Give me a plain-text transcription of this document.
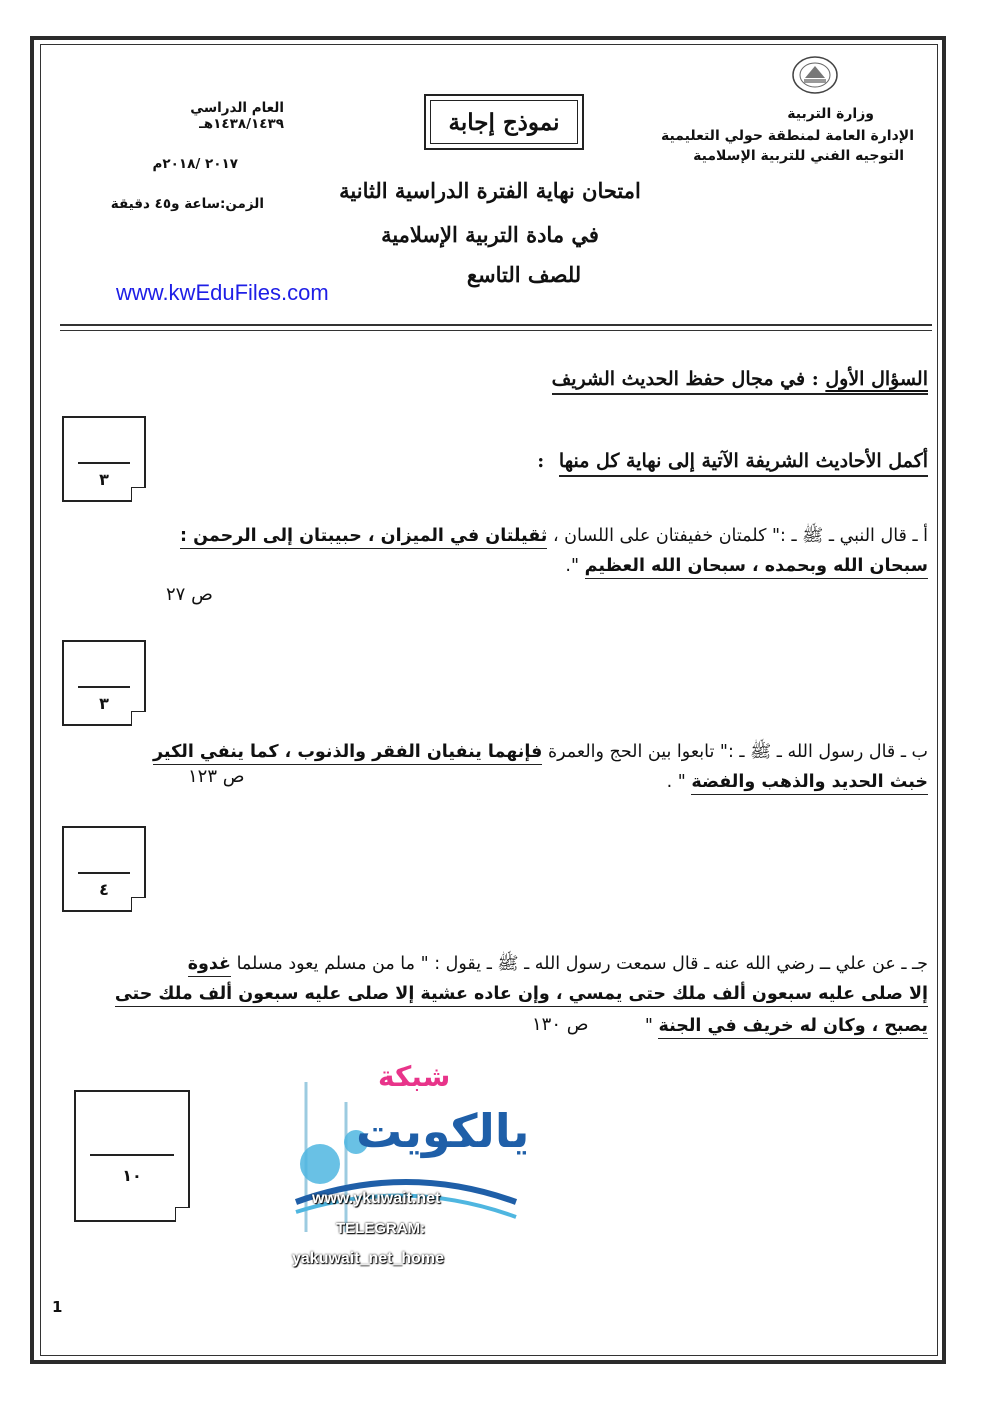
وزارة التربية
الإدارة العامة لمنطقة حولي التعليمية
التوجيه الفني للتربية الإسلامية
نموذج إجابة
امتحان نهاية الفترة الدراسية الثانية
في مادة التربية الإسلامية
للصف التاسع
العام الدراسي ١٤٣٨/١٤٣٩هـ
٢٠١٧ /٢٠١٨م
الزمن:ساعة و٤٥ دقيقة
www.kwEduFiles.com
السؤال الأول : في مجال حفظ الحديث الشريف
أكمل الأحاديث الشريفة الآتية إلى نهاية كل منها :
٣
٣
٤
١٠
أ ـ قال النبي ـ ﷺ ـ :" كلمتان خفيفتان على اللسان ، ثقيلتان في الميزان ، حبيبتان إلى الرحمن :
سبحان الله وبحمده ، سبحان الله العظيم ".
ص ٢٧
ب ـ قال رسول الله ـ ﷺ ـ :" تابعوا بين الحج والعمرة فإنهما ينفيان الفقر والذنوب ، كما ينفي الكير
خبث الحديد والذهب والفضة " .
ص ١٢٣
جـ ـ عن علي ــ رضي الله عنه ـ قال سمعت رسول الله ـ ﷺ ـ يقول : " ما من مسلم يعود مسلما غدوة
إلا صلى عليه سبعون ألف ملك حتى يمسي ، وإن عاده عشية إلا صلى عليه سبعون ألف ملك حتى
يصبح ، وكان له خريف في الجنة "
ص ١٣٠
شبكة
يالكويت
www.ykuwait.net
TELEGRAM:
yakuwait_net_home
1
